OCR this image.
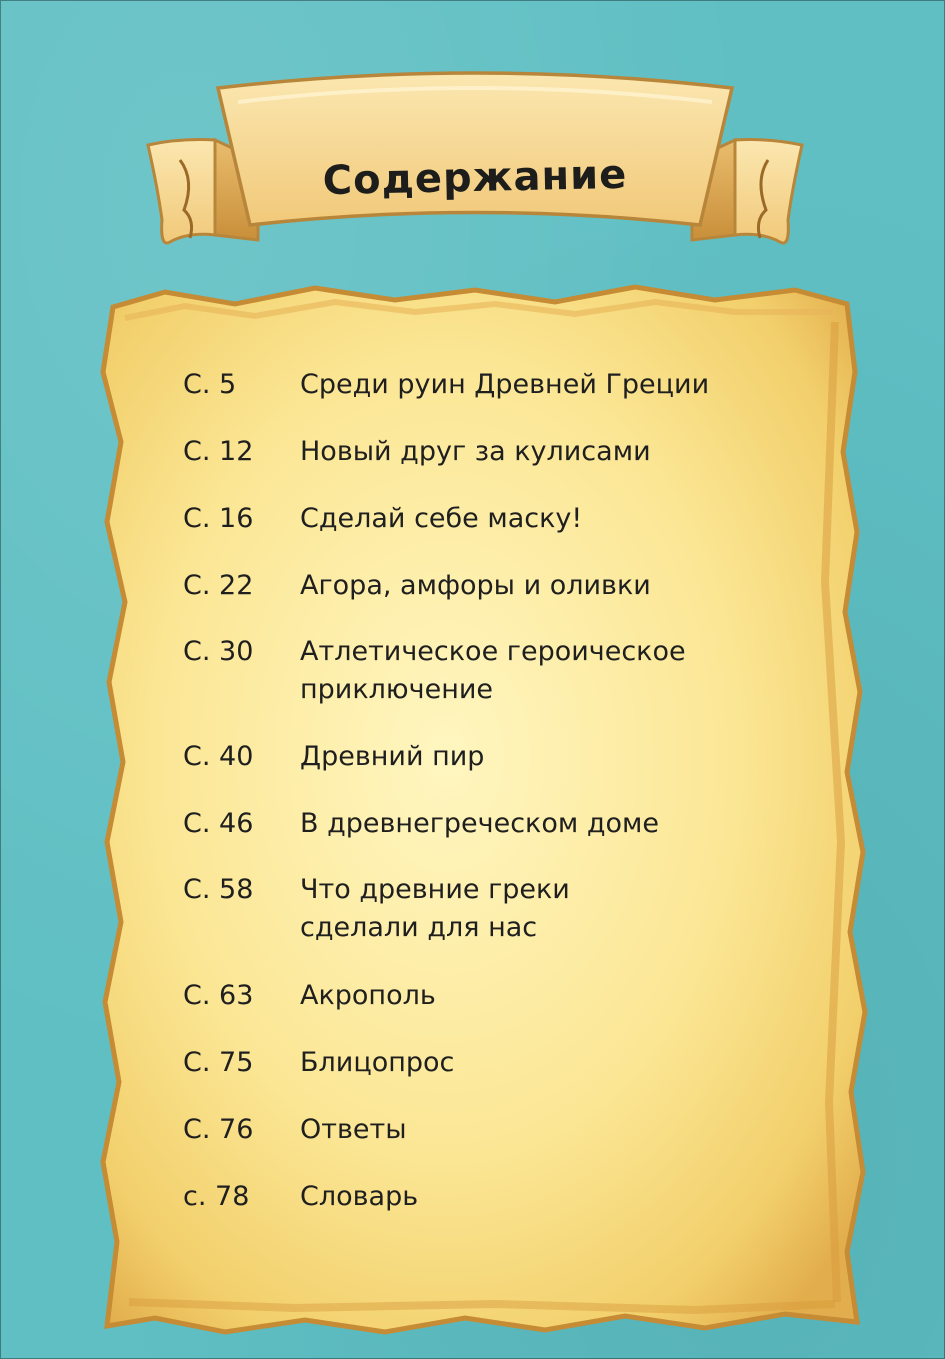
Содержание
С. 5 Среди руин Древней Греции
С. 12 Новый друг за кулисами
С. 16 Сделай себе маску!
С. 22 Агора, амфоры и оливки
С. 30 Атлетическое героическое приключение
С. 40 Древний пир
С. 46 В древнегреческом доме
С. 58 Что древние греки сделали для нас
С. 63 Акрополь
С. 75 Блицопрос
С. 76 Ответы
с. 78 Словарь
